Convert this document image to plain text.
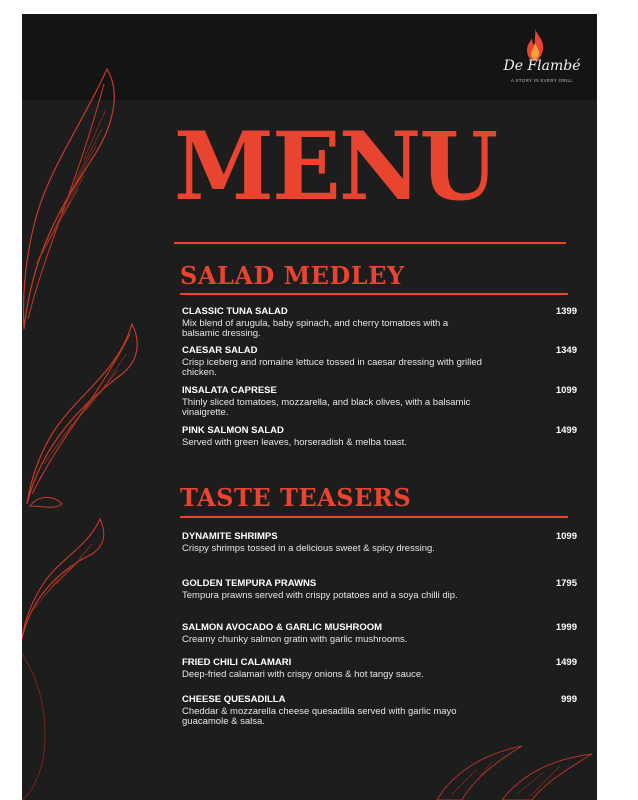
De Flambé
A STORY IN EVERY GRILL
MENU
SALAD MEDLEY
CLASSIC TUNA SALAD
Mix blend of arugula, baby spinach, and cherry tomatoes with a balsamic dressing.
1399
CAESAR SALAD
Crisp iceberg and romaine lettuce tossed in caesar dressing with grilled chicken.
1349
INSALATA CAPRESE
Thinly sliced tomatoes, mozzarella, and black olives, with a balsamic vinaigrette.
1099
PINK SALMON SALAD
Served with green leaves, horseradish & melba toast.
1499
TASTE TEASERS
DYNAMITE SHRIMPS
Crispy shrimps tossed in a delicious sweet & spicy dressing.
1099
GOLDEN TEMPURA PRAWNS
Tempura prawns served with crispy potatoes and a soya chilli dip.
1795
SALMON AVOCADO & GARLIC MUSHROOM
Creamy chunky salmon gratin with garlic mushrooms.
1999
FRIED CHILI CALAMARI
Deep-fried calamari with crispy onions & hot tangy sauce.
1499
CHEESE QUESADILLA
Cheddar & mozzarella cheese quesadilla served with garlic mayo guacamole & salsa.
999
